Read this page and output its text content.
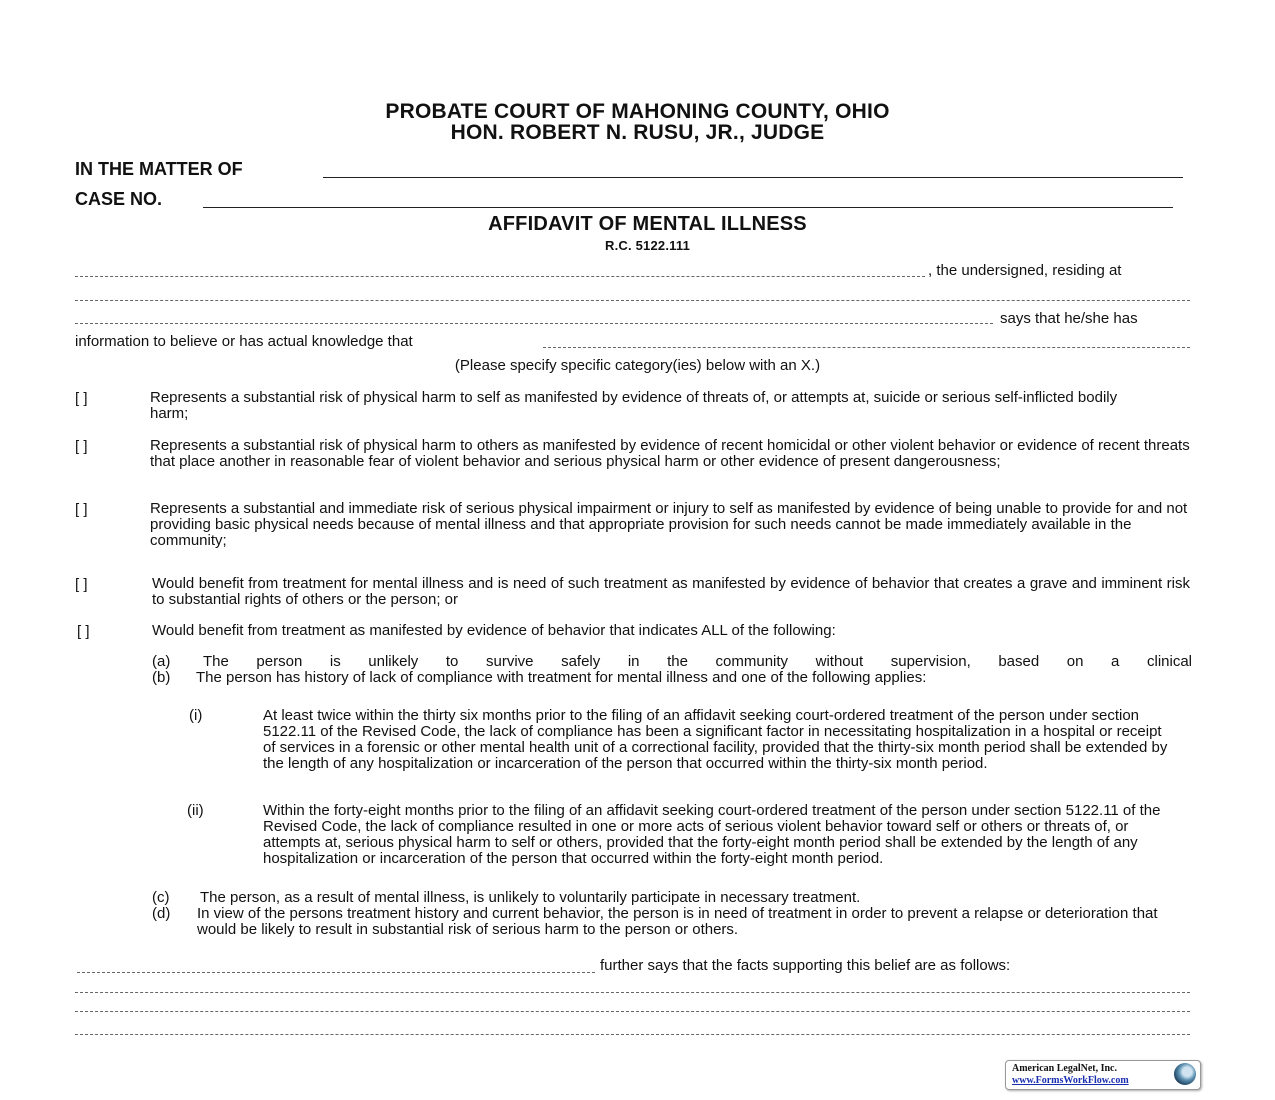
PROBATE COURT OF MAHONING COUNTY, OHIO
HON. ROBERT N. RUSU, JR., JUDGE
IN THE MATTER OF
CASE NO.
AFFIDAVIT OF MENTAL ILLNESS
R.C. 5122.111
, the undersigned, residing at
says that he/she has
information to believe or has actual knowledge that
(Please specify specific category(ies) below with an X.)
[ ]	Represents a substantial risk of physical harm to self as manifested by evidence of threats of, or attempts at, suicide or serious self-inflicted bodily harm;
[ ]	Represents a substantial risk of physical harm to others as manifested by evidence of recent homicidal or other violent behavior or evidence of recent threats that place another in reasonable fear of violent behavior and serious physical harm or other evidence of present dangerousness;
[ ]	Represents a substantial and immediate risk of serious physical impairment or injury to self as manifested by evidence of being unable to provide for and not providing basic physical needs because of mental illness and that appropriate provision for such needs cannot be made immediately available in the community;
[ ]	Would benefit from treatment for mental illness and is need of such treatment as manifested by evidence of behavior that creates a grave and imminent risk to substantial rights of others or the person; or
[ ]	Would benefit from treatment as manifested by evidence of behavior that indicates ALL of the following:
(a) The person is unlikely to survive safely in the community without supervision, based on a clinical
(b)	The person has history of lack of compliance with treatment for mental illness and one of the following applies:
(i)	At least twice within the thirty six months prior to the filing of an affidavit seeking court-ordered treatment of the person under section 5122.11 of the Revised Code, the lack of compliance has been a significant factor in necessitating hospitalization in a hospital or receipt of services in a forensic or other mental health unit of a correctional facility, provided that the thirty-six month period shall be extended by the length of any hospitalization or incarceration of the person that occurred within the thirty-six month period.
(ii)	Within the forty-eight months prior to the filing of an affidavit seeking court-ordered treatment of the person under section 5122.11 of the Revised Code, the lack of compliance resulted in one or more acts of serious violent behavior toward self or others or threats of, or attempts at, serious physical harm to self or others, provided that the forty-eight month period shall be extended by the length of any hospitalization or incarceration of the person that occurred within the forty-eight month period.
(c) The person, as a result of mental illness, is unlikely to voluntarily participate in necessary treatment.
(d) In view of the persons treatment history and current behavior, the person is in need of treatment in order to prevent a relapse or deterioration that would be likely to result in substantial risk of serious harm to the person or others.
further says that the facts supporting this belief are as follows:
American LegalNet, Inc.
www.FormsWorkFlow.com
